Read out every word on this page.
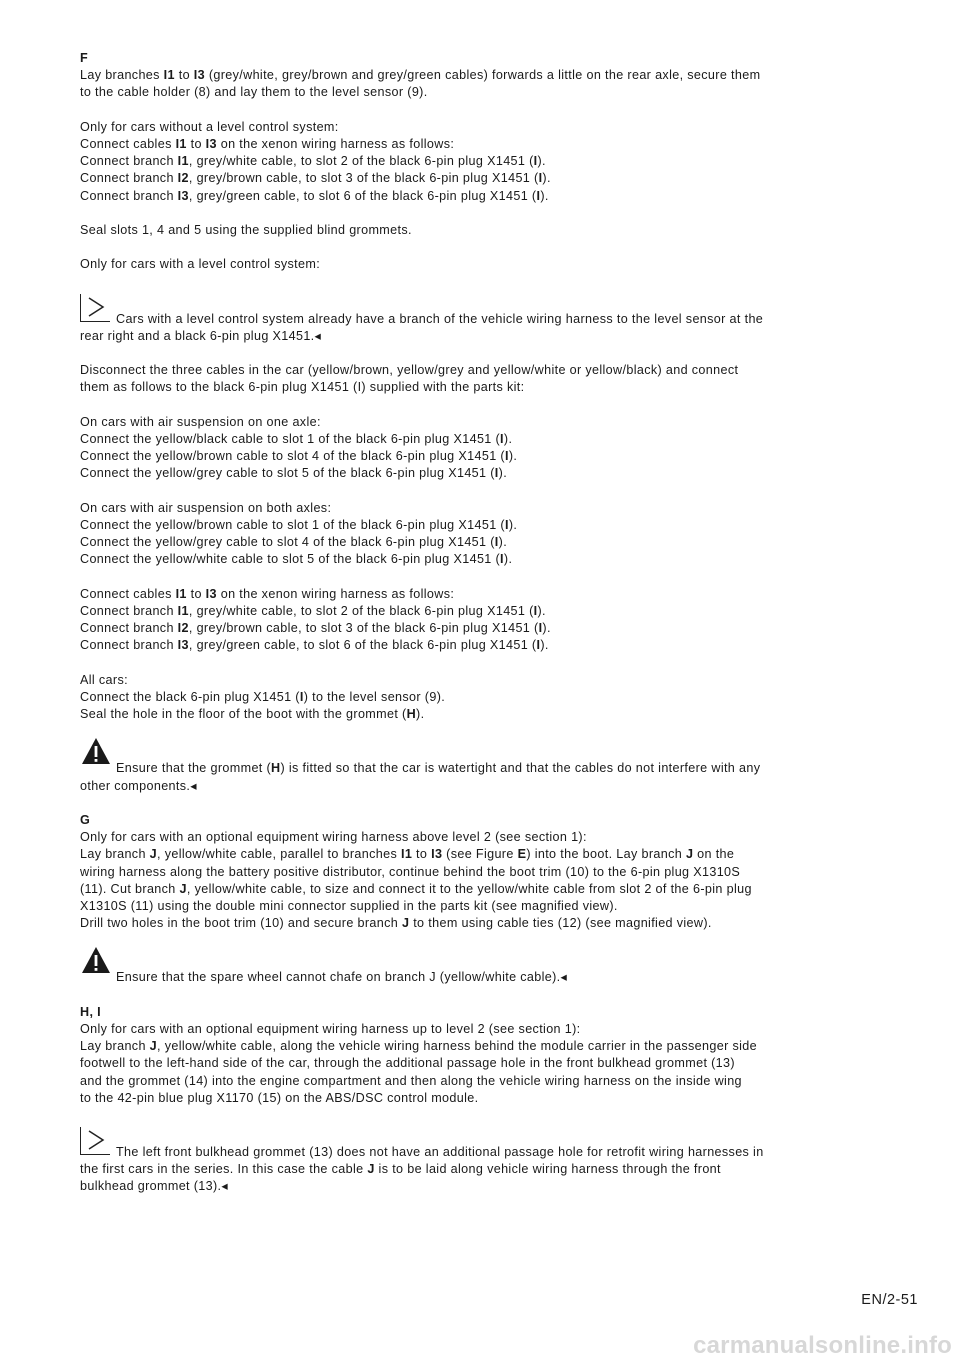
F
Lay branches I1 to I3 (grey/white, grey/brown and grey/green cables) forwards a little on the rear axle, secure them
to the cable holder (8) and lay them to the level sensor (9).
Only for cars without a level control system:
Connect cables I1 to I3 on the xenon wiring harness as follows:
Connect branch I1, grey/white cable, to slot 2 of the black 6-pin plug X1451 (I).
Connect branch I2, grey/brown cable, to slot 3 of the black 6-pin plug X1451 (I).
Connect branch I3, grey/green cable, to slot 6 of the black 6-pin plug X1451 (I).
Seal slots 1, 4 and 5 using the supplied blind grommets.
Only for cars with a level control system:
Cars with a level control system already have a branch of the vehicle wiring harness to the level sensor at the
rear right and a black 6-pin plug X1451.◂
Disconnect the three cables in the car (yellow/brown, yellow/grey and yellow/white or yellow/black) and connect
them as follows to the black 6-pin plug X1451 (I) supplied with the parts kit:
On cars with air suspension on one axle:
Connect the yellow/black cable to slot 1 of the black 6-pin plug X1451 (I).
Connect the yellow/brown cable to slot 4 of the black 6-pin plug X1451 (I).
Connect the yellow/grey cable to slot 5 of the black 6-pin plug X1451 (I).
On cars with air suspension on both axles:
Connect the yellow/brown cable to slot 1 of the black 6-pin plug X1451 (I).
Connect the yellow/grey cable to slot 4 of the black 6-pin plug X1451 (I).
Connect the yellow/white cable to slot 5 of the black 6-pin plug X1451 (I).
Connect cables I1 to I3 on the xenon wiring harness as follows:
Connect branch I1, grey/white cable, to slot 2 of the black 6-pin plug X1451 (I).
Connect branch I2, grey/brown cable, to slot 3 of the black 6-pin plug X1451 (I).
Connect branch I3, grey/green cable, to slot 6 of the black 6-pin plug X1451 (I).
All cars:
Connect the black 6-pin plug X1451 (I) to the level sensor (9).
Seal the hole in the floor of the boot with the grommet (H).
Ensure that the grommet (H) is fitted so that the car is watertight and that the cables do not interfere with any
other components.◂
G
Only for cars with an optional equipment wiring harness above level 2 (see section 1):
Lay branch J, yellow/white cable, parallel to branches I1 to I3 (see Figure E) into the boot. Lay branch J on the
wiring harness along the battery positive distributor, continue behind the boot trim (10) to the 6-pin plug X1310S
(11). Cut branch J, yellow/white cable, to size and connect it to the yellow/white cable from slot 2 of the 6-pin plug
X1310S (11) using the double mini connector supplied in the parts kit (see magnified view).
Drill two holes in the boot trim (10) and secure branch J to them using cable ties (12) (see magnified view).
Ensure that the spare wheel cannot chafe on branch J (yellow/white cable).◂
H, I
Only for cars with an optional equipment wiring harness up to level 2 (see section 1):
Lay branch J, yellow/white cable, along the vehicle wiring harness behind the module carrier in the passenger side
footwell to the left-hand side of the car, through the additional passage hole in the front bulkhead grommet (13)
and the grommet (14) into the engine compartment and then along the vehicle wiring harness on the inside wing
to the 42-pin blue plug X1170 (15) on the ABS/DSC control module.
The left front bulkhead grommet (13) does not have an additional passage hole for retrofit wiring harnesses in
the first cars in the series. In this case the cable J is to be laid along vehicle wiring harness through the front
bulkhead grommet (13).◂
EN/2-51
carmanualsonline.info
